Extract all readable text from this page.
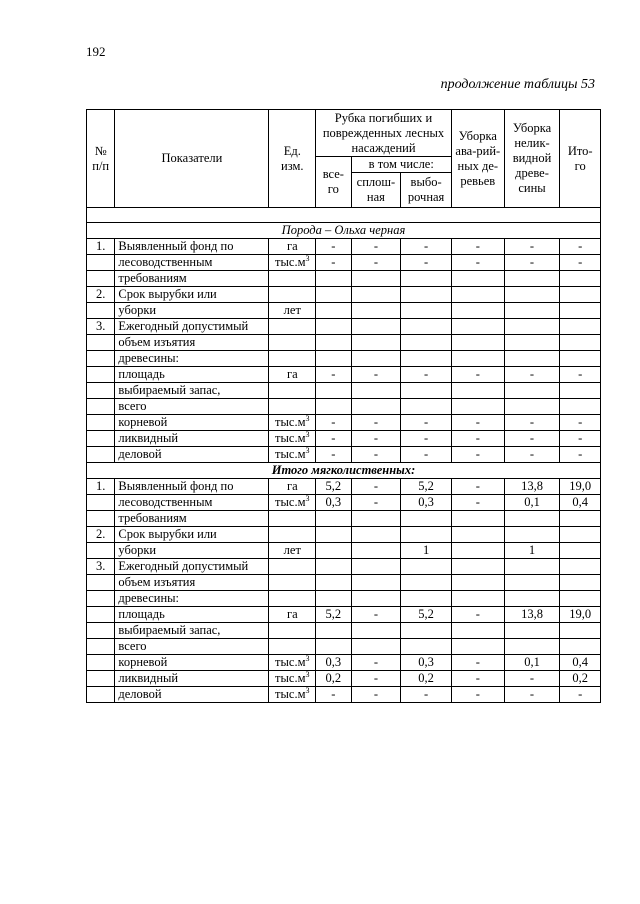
192
продолжение таблицы 53
№ п/п	Показатели	Ед. изм.	Рубка погибших и поврежденных лесных насаждений			Уборка ава-рий-ных де-ревьев	Уборка нелик-видной древе-сины	Ито-го
			все-го	в том числе:				
				сплош-ная	выбо-рочная			

Порода – Ольха черная								
1.	Выявленный фонд по	га	-	-	-	-	-	-
	лесоводственным	$тыс.м^3$	-	-	-	-	-	-
	требованиям							
2.	Срок вырубки или							
	уборки	лет						
3.	Ежегодный допустимый							
	объем изъятия							
	древесины:							
	площадь	га	-	-	-	-	-	-
	выбираемый запас,							
	всего							
	корневой	$тыс.м^3$	-	-	-	-	-	-
	ликвидный	$тыс.м^3$	-	-	-	-	-	-
	деловой	$тыс.м^3$	-	-	-	-	-	-
Итого мягколиственных:								
1.	Выявленный фонд по	га	5,2	-	5,2	-	13,8	19,0
	лесоводственным	$тыс.м^3$	0,3	-	0,3	-	0,1	0,4
	требованиям							
2.	Срок вырубки или							
	уборки	лет			1		1	
3.	Ежегодный допустимый							
	объем изъятия							
	древесины:							
	площадь	га	5,2	-	5,2	-	13,8	19,0
	выбираемый запас,							
	всего							
	корневой	$тыс.м^3$	0,3	-	0,3	-	0,1	0,4
	ликвидный	$тыс.м^3$	0,2	-	0,2	-	-	0,2
	деловой	$тыс.м^3$	-	-	-	-	-	-
